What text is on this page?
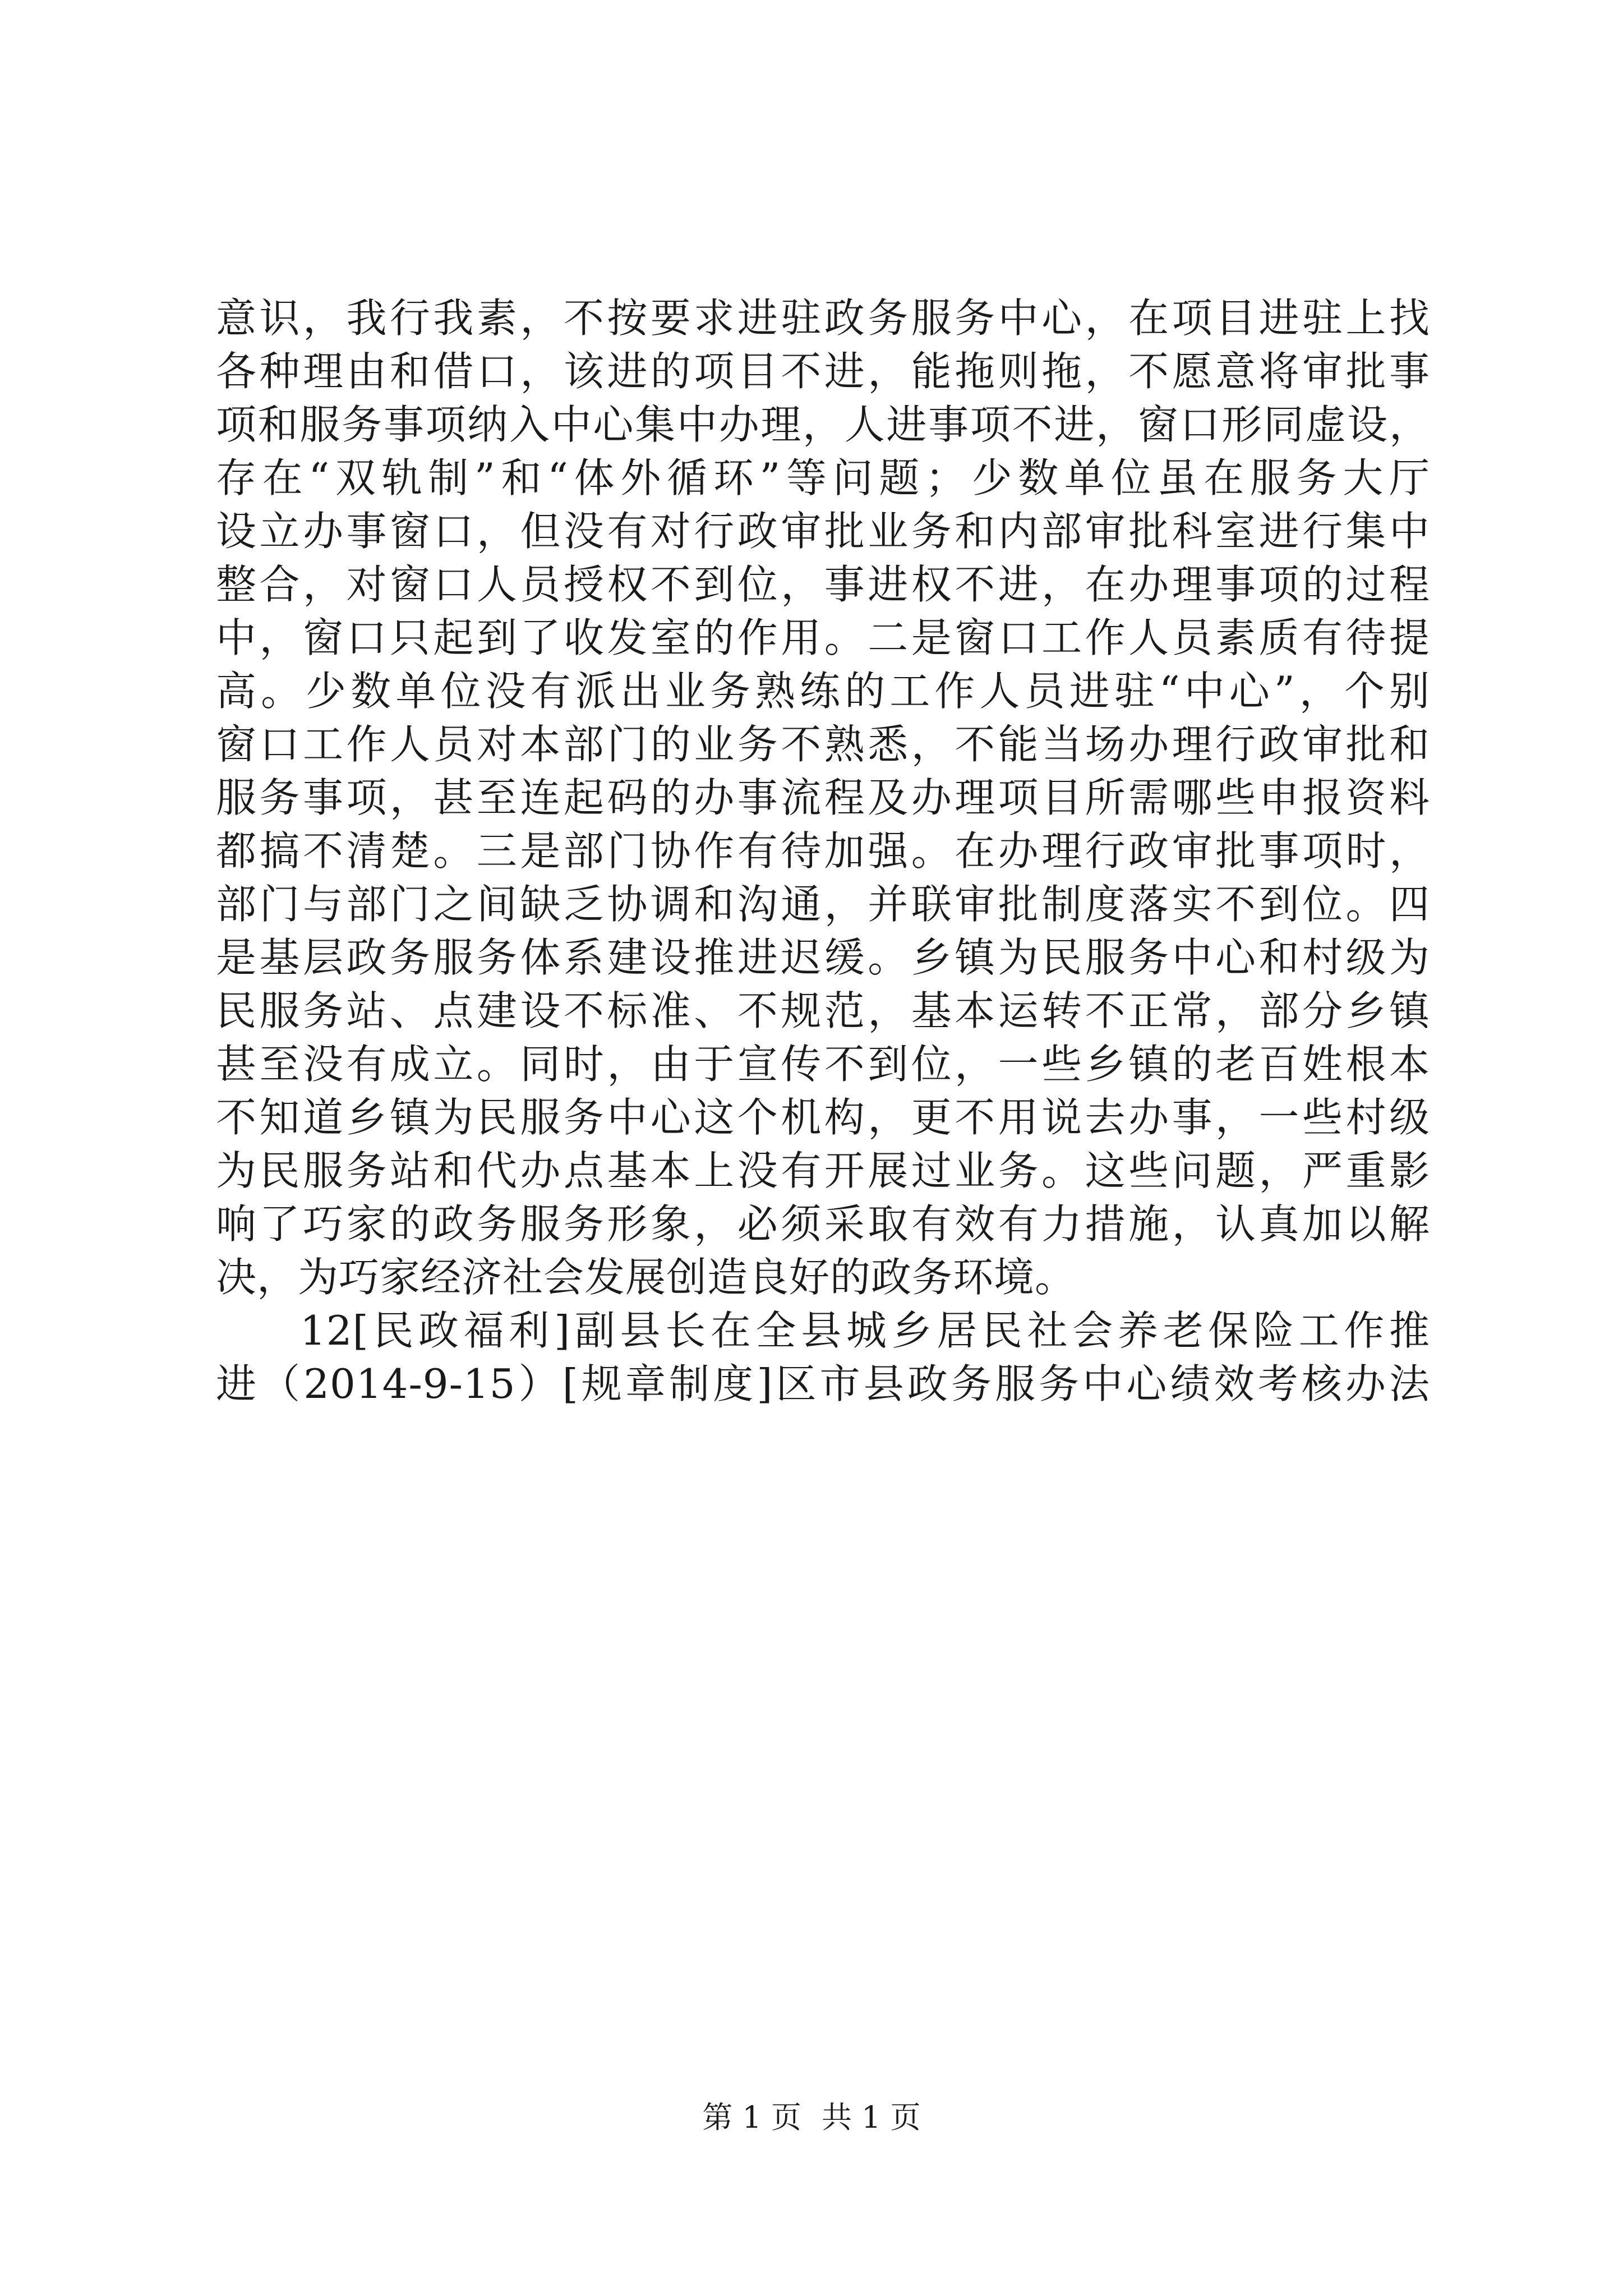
意识，我行我素，不按要求进驻政务服务中心，在项目进驻上找
各种理由和借口，该进的项目不进，能拖则拖，不愿意将审批事
项和服务事项纳入中心集中办理，人进事项不进，窗口形同虚设，
存在“双轨制”和“体外循环”等问题；少数单位虽在服务大厅
设立办事窗口，但没有对行政审批业务和内部审批科室进行集中
整合，对窗口人员授权不到位，事进权不进，在办理事项的过程
中，窗口只起到了收发室的作用。二是窗口工作人员素质有待提
高。少数单位没有派出业务熟练的工作人员进驻“中心”，个别
窗口工作人员对本部门的业务不熟悉，不能当场办理行政审批和
服务事项，甚至连起码的办事流程及办理项目所需哪些申报资料
都搞不清楚。三是部门协作有待加强。在办理行政审批事项时，
部门与部门之间缺乏协调和沟通，并联审批制度落实不到位。四
是基层政务服务体系建设推进迟缓。乡镇为民服务中心和村级为
民服务站、点建设不标准、不规范，基本运转不正常，部分乡镇
甚至没有成立。同时，由于宣传不到位，一些乡镇的老百姓根本
不知道乡镇为民服务中心这个机构，更不用说去办事，一些村级
为民服务站和代办点基本上没有开展过业务。这些问题，严重影
响了巧家的政务服务形象，必须采取有效有力措施，认真加以解
决，为巧家经济社会发展创造良好的政务环境。
12[民政福利]副县长在全县城乡居民社会养老保险工作推
进（2014-9-15）[规章制度]区市县政务服务中心绩效考核办法
第 1 页 共 1 页
